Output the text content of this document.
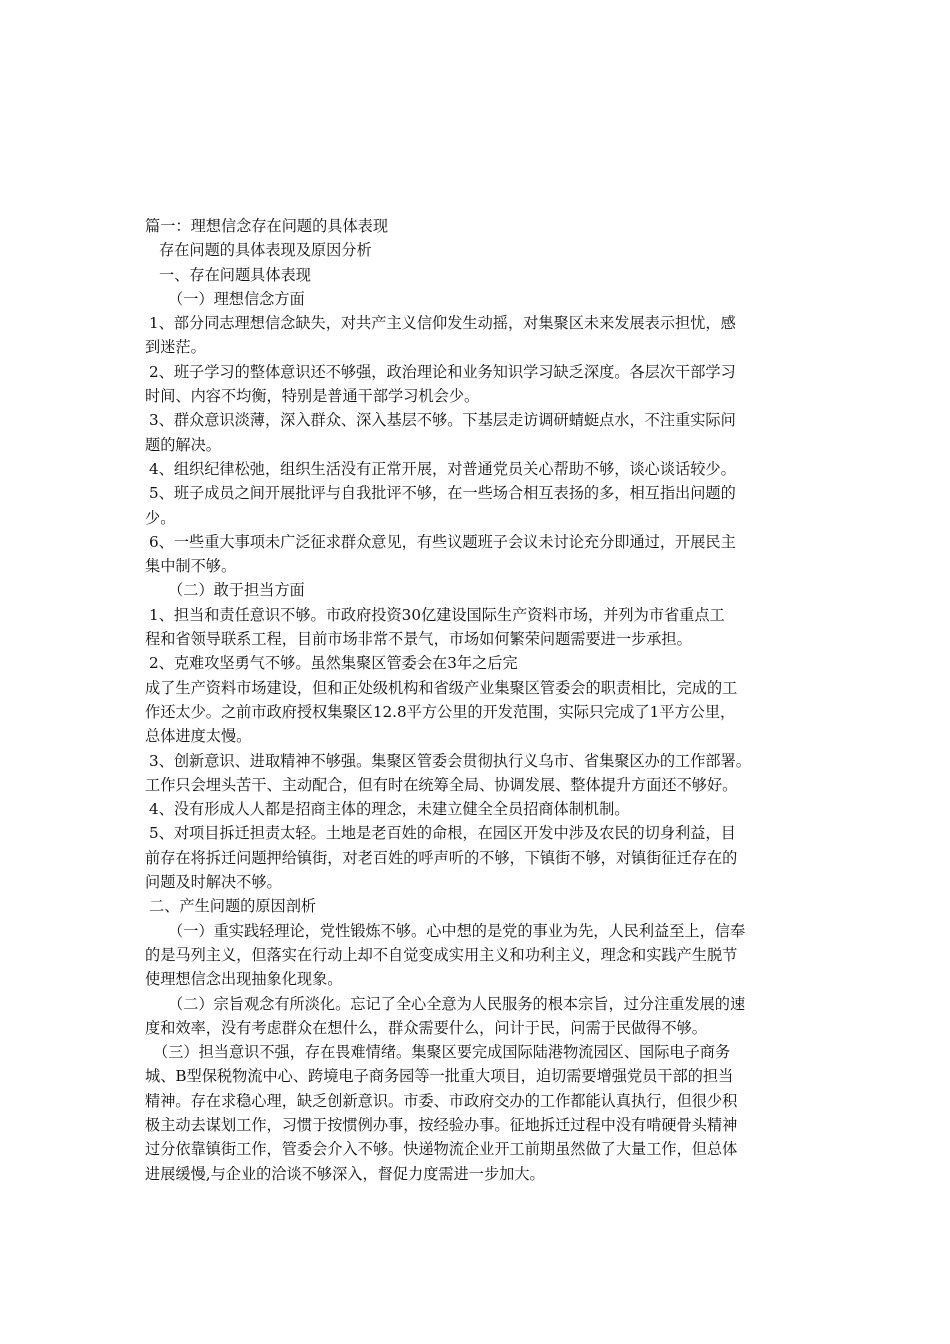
篇一：理想信念存在问题的具体表现
存在问题的具体表现及原因分析
一、存在问题具体表现
（一）理想信念方面
1、部分同志理想信念缺失，对共产主义信仰发生动摇，对集聚区未来发展表示担忧，感
到迷茫。
2、班子学习的整体意识还不够强，政治理论和业务知识学习缺乏深度。各层次干部学习
时间、内容不均衡，特别是普通干部学习机会少。
3、群众意识淡薄，深入群众、深入基层不够。下基层走访调研蜻蜓点水，不注重实际问
题的解决。
4、组织纪律松弛，组织生活没有正常开展，对普通党员关心帮助不够，谈心谈话较少。
5、班子成员之间开展批评与自我批评不够，在一些场合相互表扬的多，相互指出问题的
少。
6、一些重大事项未广泛征求群众意见，有些议题班子会议未讨论充分即通过，开展民主
集中制不够。
（二）敢于担当方面
1、担当和责任意识不够。市政府投资30亿建设国际生产资料市场，并列为市省重点工
程和省领导联系工程，目前市场非常不景气，市场如何繁荣问题需要进一步承担。
2、克难攻坚勇气不够。虽然集聚区管委会在3年之后完
成了生产资料市场建设，但和正处级机构和省级产业集聚区管委会的职责相比，完成的工
作还太少。之前市政府授权集聚区12.8平方公里的开发范围，实际只完成了1平方公里，
总体进度太慢。
3、创新意识、进取精神不够强。集聚区管委会贯彻执行义乌市、省集聚区办的工作部署。
工作只会埋头苦干、主动配合，但有时在统筹全局、协调发展、整体提升方面还不够好。
4、没有形成人人都是招商主体的理念，未建立健全全员招商体制机制。
5、对项目拆迁担责太轻。土地是老百姓的命根，在园区开发中涉及农民的切身利益，目
前存在将拆迁问题押给镇街，对老百姓的呼声听的不够，下镇街不够，对镇街征迁存在的
问题及时解决不够。
二、产生问题的原因剖析
（一）重实践轻理论，党性锻炼不够。心中想的是党的事业为先，人民利益至上，信奉
的是马列主义，但落实在行动上却不自觉变成实用主义和功利主义，理念和实践产生脱节
使理想信念出现抽象化现象。
（二）宗旨观念有所淡化。忘记了全心全意为人民服务的根本宗旨，过分注重发展的速
度和效率，没有考虑群众在想什么，群众需要什么，问计于民，问需于民做得不够。
（三）担当意识不强，存在畏难情绪。集聚区要完成国际陆港物流园区、国际电子商务
城、B型保税物流中心、跨境电子商务园等一批重大项目，迫切需要增强党员干部的担当
精神。存在求稳心理，缺乏创新意识。市委、市政府交办的工作都能认真执行，但很少积
极主动去谋划工作，习惯于按惯例办事，按经验办事。征地拆迁过程中没有啃硬骨头精神
过分依靠镇街工作，管委会介入不够。快递物流企业开工前期虽然做了大量工作，但总体
进展缓慢,与企业的洽谈不够深入，督促力度需进一步加大。
